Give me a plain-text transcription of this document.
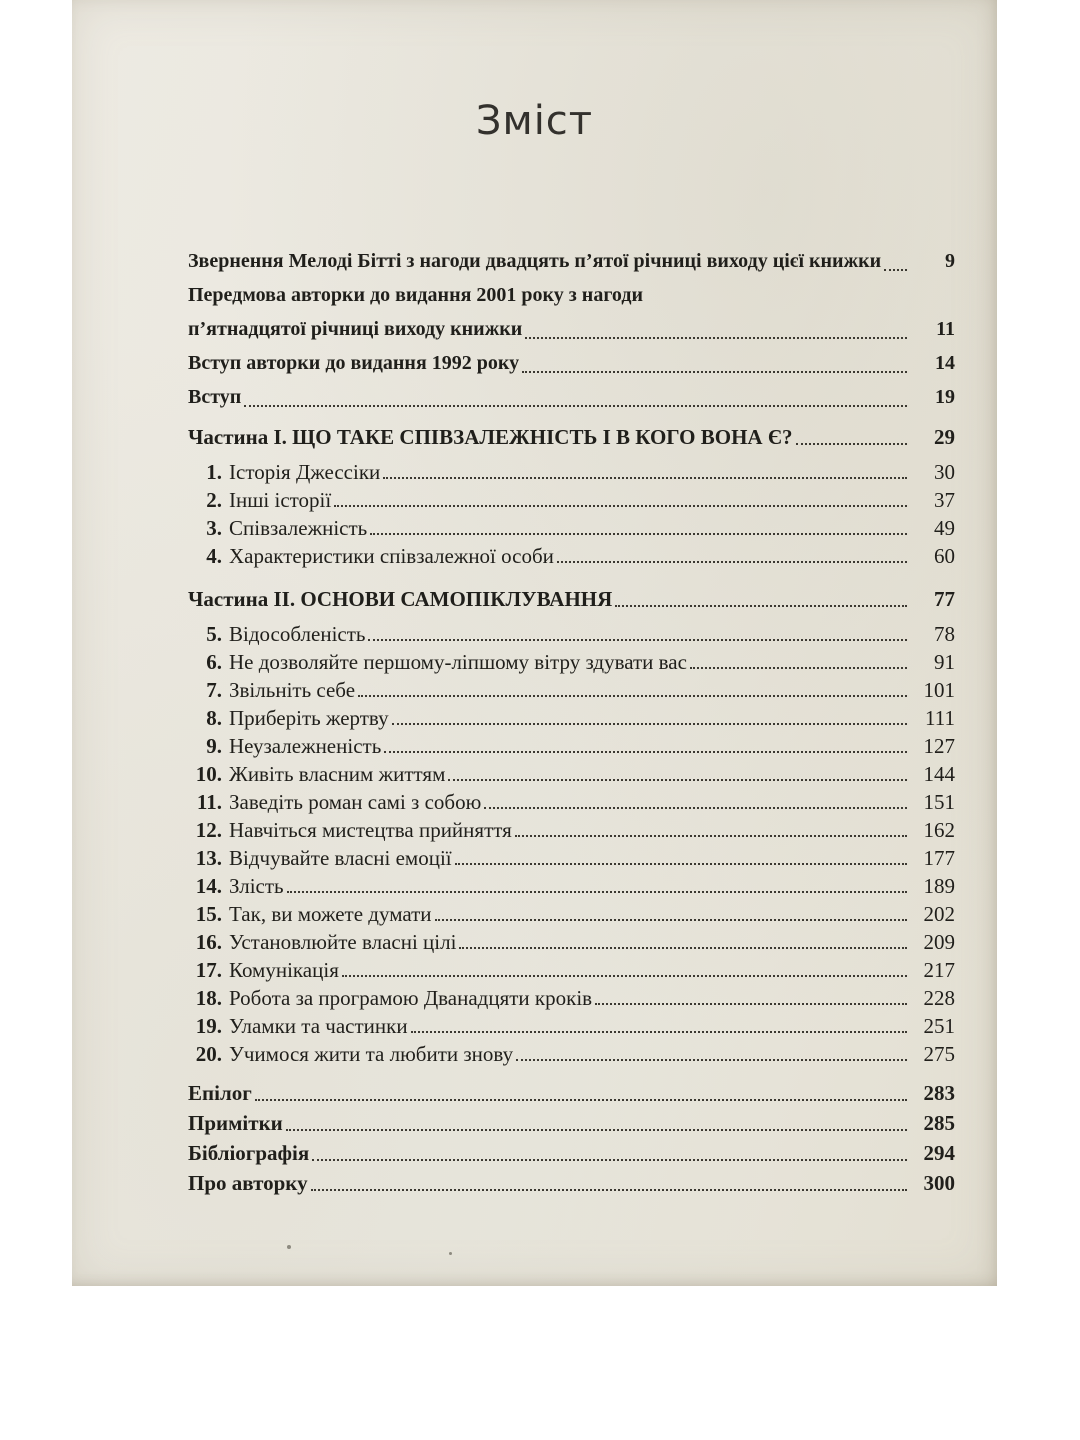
Зміст
Звернення Мелоді Бітті з нагоди двадцять п’ятої річниці виходу цієї книжки	9
Передмова авторки до видання 2001 року з нагоди
п’ятнадцятої річниці виходу книжки	11
Вступ авторки до видання 1992 року	14
Вступ	19
Частина І. ЩО ТАКЕ СПІВЗАЛЕЖНІСТЬ І В КОГО ВОНА Є?	29
1. Історія Джессіки	30
2. Інші історії	37
3. Співзалежність	49
4. Характеристики співзалежної особи	60
Частина ІІ. ОСНОВИ САМОПІКЛУВАННЯ	77
5. Відособленість	78
6. Не дозволяйте першому-ліпшому вітру здувати вас	91
7. Звільніть себе	101
8. Приберіть жертву	111
9. Неузалежненість	127
10. Живіть власним життям	144
11. Заведіть роман самі з собою	151
12. Навчіться мистецтва прийняття	162
13. Відчувайте власні емоції	177
14. Злість	189
15. Так, ви можете думати	202
16. Установлюйте власні цілі	209
17. Комунікація	217
18. Робота за програмою Дванадцяти кроків	228
19. Уламки та частинки	251
20. Учимося жити та любити знову	275
Епілог	283
Примітки	285
Бібліографія	294
Про авторку	300
